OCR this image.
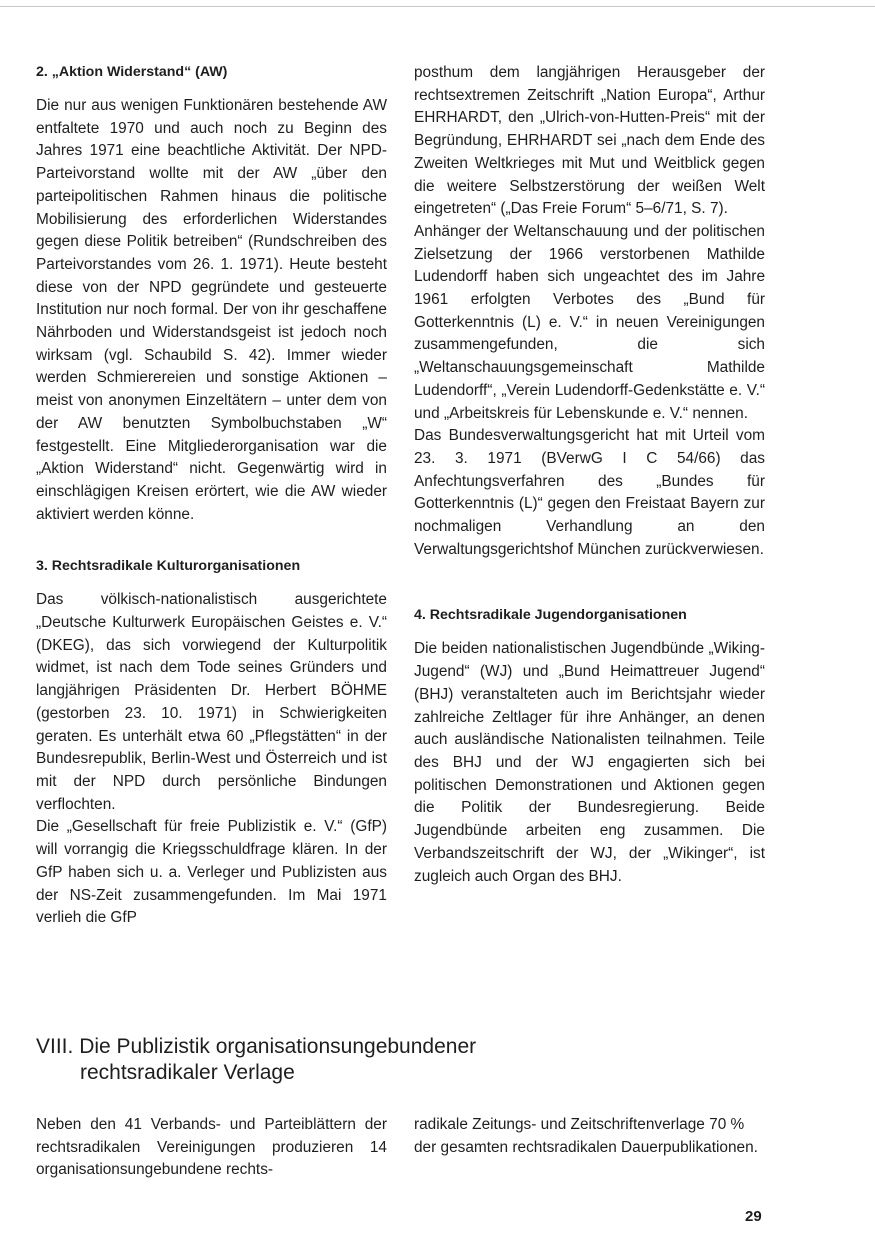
2. „Aktion Widerstand“ (AW)

Die nur aus wenigen Funktionären bestehende AW entfaltete 1970 und auch noch zu Beginn des Jahres 1971 eine beachtliche Aktivität. Der NPD-Parteivorstand wollte mit der AW „über den parteipolitischen Rahmen hinaus die politische Mobilisierung des erforderlichen Widerstandes gegen diese Politik betreiben“ (Rundschreiben des Parteivorstandes vom 26. 1. 1971). Heute besteht diese von der NPD gegründete und gesteuerte Institution nur noch formal. Der von ihr geschaffene Nährboden und Widerstandsgeist ist jedoch noch wirksam (vgl. Schaubild S. 42). Immer wieder werden Schmierereien und sonstige Aktionen – meist von anonymen Einzeltätern – unter dem von der AW benutzten Symbolbuchstaben „W“ festgestellt. Eine Mitgliederorganisation war die „Aktion Widerstand“ nicht. Gegenwärtig wird in einschlägigen Kreisen erörtert, wie die AW wieder aktiviert werden könne.

3. Rechtsradikale Kulturorganisationen

Das völkisch-nationalistisch ausgerichtete „Deutsche Kulturwerk Europäischen Geistes e. V.“ (DKEG), das sich vorwiegend der Kulturpolitik widmet, ist nach dem Tode seines Gründers und langjährigen Präsidenten Dr. Herbert BÖHME (gestorben 23. 10. 1971) in Schwierigkeiten geraten. Es unterhält etwa 60 „Pflegstätten“ in der Bundesrepublik, Berlin-West und Österreich und ist mit der NPD durch persönliche Bindungen verflochten.

Die „Gesellschaft für freie Publizistik e. V.“ (GfP) will vorrangig die Kriegsschuldfrage klären. In der GfP haben sich u. a. Verleger und Publizisten aus der NS-Zeit zusammengefunden. Im Mai 1971 verlieh die GfP

posthum dem langjährigen Herausgeber der rechtsextremen Zeitschrift „Nation Europa“, Arthur EHRHARDT, den „Ulrich-von-Hutten-Preis“ mit der Begründung, EHRHARDT sei „nach dem Ende des Zweiten Weltkrieges mit Mut und Weitblick gegen die weitere Selbstzerstörung der weißen Welt eingetreten“ („Das Freie Forum“ 5–6/71, S. 7).

Anhänger der Weltanschauung und der politischen Zielsetzung der 1966 verstorbenen Mathilde Ludendorff haben sich ungeachtet des im Jahre 1961 erfolgten Verbotes des „Bund für Gotterkenntnis (L) e. V.“ in neuen Vereinigungen zusammengefunden, die sich „Weltanschauungsgemeinschaft Mathilde Ludendorff“, „Verein Ludendorff-Gedenkstätte e. V.“ und „Arbeitskreis für Lebenskunde e. V.“ nennen.

Das Bundesverwaltungsgericht hat mit Urteil vom 23. 3. 1971 (BVerwG I C 54/66) das Anfechtungsverfahren des „Bundes für Gotterkenntnis (L)“ gegen den Freistaat Bayern zur nochmaligen Verhandlung an den Verwaltungsgerichtshof München zurückverwiesen.

4. Rechtsradikale Jugendorganisationen

Die beiden nationalistischen Jugendbünde „Wiking-Jugend“ (WJ) und „Bund Heimattreuer Jugend“ (BHJ) veranstalteten auch im Berichtsjahr wieder zahlreiche Zeltlager für ihre Anhänger, an denen auch ausländische Nationalisten teilnahmen. Teile des BHJ und der WJ engagierten sich bei politischen Demonstrationen und Aktionen gegen die Politik der Bundesregierung. Beide Jugendbünde arbeiten eng zusammen. Die Verbandszeitschrift der WJ, der „Wikinger“, ist zugleich auch Organ des BHJ.

VIII. Die Publizistik organisationsungebundener
rechtsradikaler Verlage

Neben den 41 Verbands- und Parteiblättern der rechtsradikalen Vereinigungen produzieren 14 organisationsungebundene rechts-

radikale Zeitungs- und Zeitschriftenverlage 70 % der gesamten rechtsradikalen Dauerpublikationen.

29
